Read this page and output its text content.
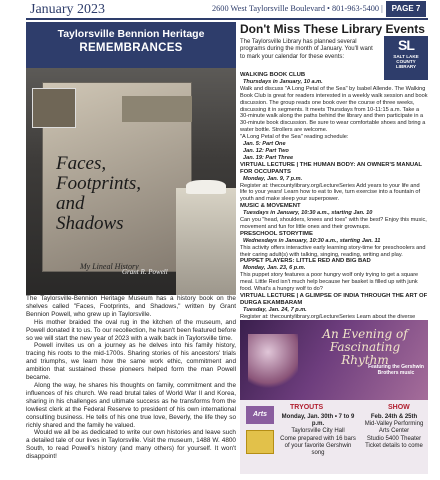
January 2023	2600 West Taylorsville Boulevard • 801-963-5400 |	PAGE 7
Taylorsville Bennion Heritage
REMEMBRANCES
Faces,
Footprints,
and
Shadows
My Lineal History
Grant R. Powell

The Taylorsville-Bennion Heritage Museum has a history book on the shelves called "Faces, Footprints, and Shadows," written by Grant Bennion Powell, who grew up in Taylorsville.

His mother braided the oval rug in the kitchen of the museum, and Powell donated it to us. To our recollection, he hasn't been featured before so we will start the new year of 2023 with a walk back in Taylorsville time.

Powell invites us on a journey as he delves into his family history, tracing his roots to the mid-1700s. Sharing stories of his ancestors' trials and triumphs, we learn how the same work ethic, commitment and ambition that sustained these pioneers helped form the man Powell became.

Along the way, he shares his thoughts on family, commitment and the influences of his church. We read brutal tales of World War II and Korea, sharing in his challenges and ultimate success as he transforms from the lowliest clerk at the Federal Reserve to president of his own international consulting business. He tells of his one true love, Beverly, the life they so richly shared and the family he valued.

Would we all be as dedicated to write our own histories and leave such a detailed tale of our lives in Taylorsville. Visit the museum, 1488 W. 4800 South, to read Powell's history (and many others) for yourself. It won't disappoint!

Don't Miss These Library Events
The Taylorsville Library has planned several programs during the month of January. You'll want to mark your calendar for these events:
SL
SALT LAKE
COUNTY
LIBRARY
WALKING BOOK CLUB
Thursdays in January, 10 a.m.
Walk and discuss "A Long Petal of the Sea" by Isabel Allende. The Walking Book Club is great for readers interested in a weekly walk session and book discussion. The group reads one book over the course of three weeks, discussing it in segments. It meets Thursdays from 10-11:15 a.m. Take a 30-minute walk along the paths behind the library and then participate in a 30-minute book discussion. Be sure to wear comfortable shoes and bring a water bottle. Strollers are welcome.
"A Long Petal of the Sea" reading schedule:
Jan. 5: Part One
Jan. 12: Part Two
Jan. 19: Part Three
VIRTUAL LECTURE | THE HUMAN BODY: AN OWNER'S MANUAL FOR OCCUPANTS
Monday, Jan. 9, 7 p.m.
Register at: thecountylibrary.org/LectureSeries Add years to your life and life to your years! Learn how to eat to live, turn exercise into a fountain of youth and make sleep your superpower.
MUSIC & MOVEMENT
Tuesdays in January, 10:30 a.m., starting Jan. 10
Can you "head, shoulders, knees and toes" with the best? Enjoy this music, movement and fun for little ones and their grownups.
PRESCHOOL STORYTIME
Wednesdays in January, 10:30 a.m., starting Jan. 11
This activity offers interactive early learning story-time for preschoolers and their caring adult(s) with talking, singing, reading, writing and play.
PUPPET PLAYERS: LITTLE RED AND BIG BAD
Monday, Jan. 23, 6 p.m.
This puppet story features a poor hungry wolf only trying to get a square meal. Little Red isn't much help because her basket is filled up with junk food. What's a hungry wolf to do?
VIRTUAL LECTURE | A GLIMPSE OF INDIA THROUGH THE ART OF DURGA EKAMBARAM
Tuesday, Jan. 24, 7 p.m.
Register at: thecountylibrary.org/LectureSeries Learn about the diverse
An Evening of
Fascinating Rhythm
Featuring the Gershwin Brothers music
Arts
TRYOUTS	SHOW
Monday, Jan. 30th • 7 to 9 p.m.
Taylorsville City Hall
Come prepared with 16 bars
of your favorite Gershwin song
Feb. 24th & 25th
Mid-Valley Performing Arts Center
Studio 5400 Theater
Ticket details to come
